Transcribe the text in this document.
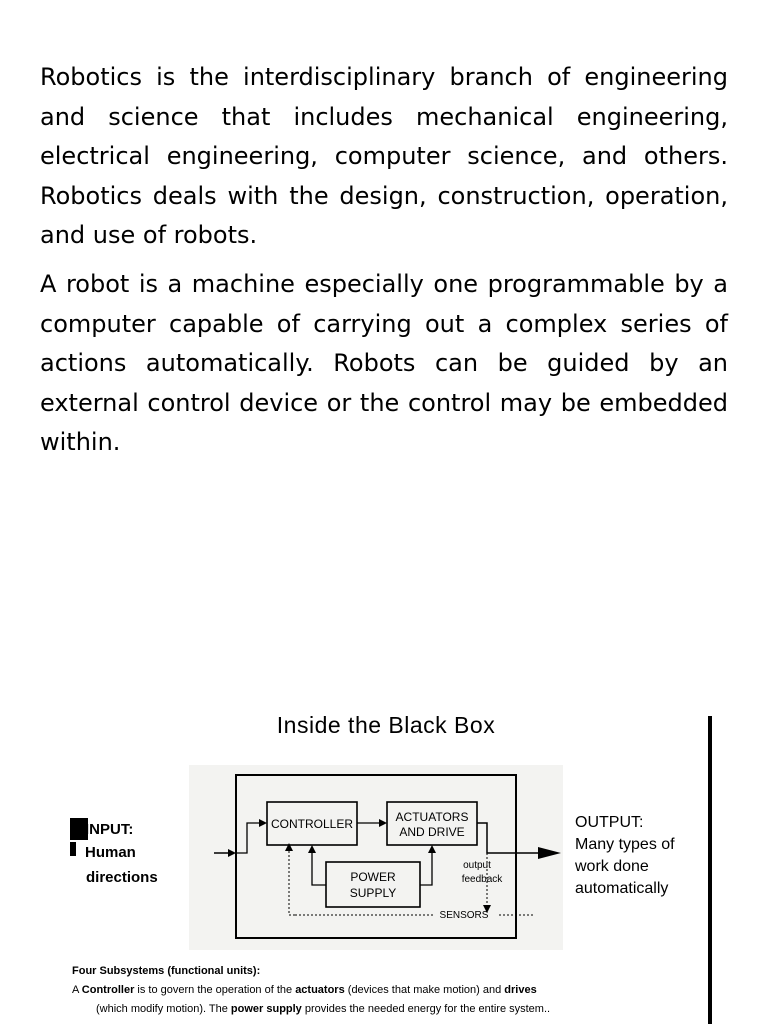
Robotics is the interdisciplinary branch of engineering and science that includes mechanical engineering, electrical engineering, computer science, and others. Robotics deals with the design, construction, operation, and use of robots.

A robot is a machine especially one programmable by a computer capable of carrying out a complex series of actions automatically. Robots can be guided by an external control device or the control may be embedded within.

Inside the Black Box
CONTROLLER	ACTUATORS
AND DRIVE
POWER
SUPPLY
output
feedback
SENSORS
INPUT:
Human
directions
OUTPUT:
Many types of
work done
automatically
Four Subsystems (functional units):
A Controller is to govern the operation of the actuators (devices that make motion) and drives
(which modify motion). The power supply provides the needed energy for the entire system..
